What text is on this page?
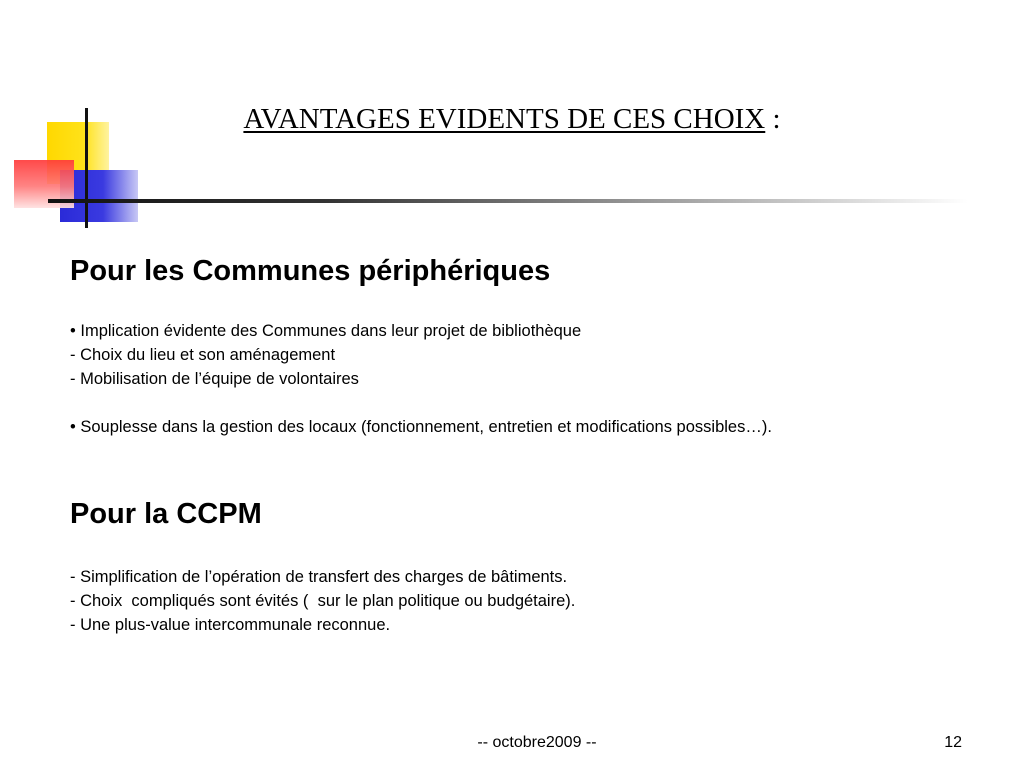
AVANTAGES EVIDENTS DE CES CHOIX :
Pour les Communes périphériques
• Implication évidente des Communes dans leur projet de bibliothèque
- Choix du lieu et son aménagement
- Mobilisation de l’équipe de volontaires
• Souplesse dans la gestion des locaux (fonctionnement, entretien et modifications possibles…).
Pour la CCPM
- Simplification de l’opération de transfert des charges de bâtiments.
- Choix  compliqués sont évités (  sur le plan politique ou budgétaire).
- Une plus-value intercommunale reconnue.
-- octobre2009 --	12
